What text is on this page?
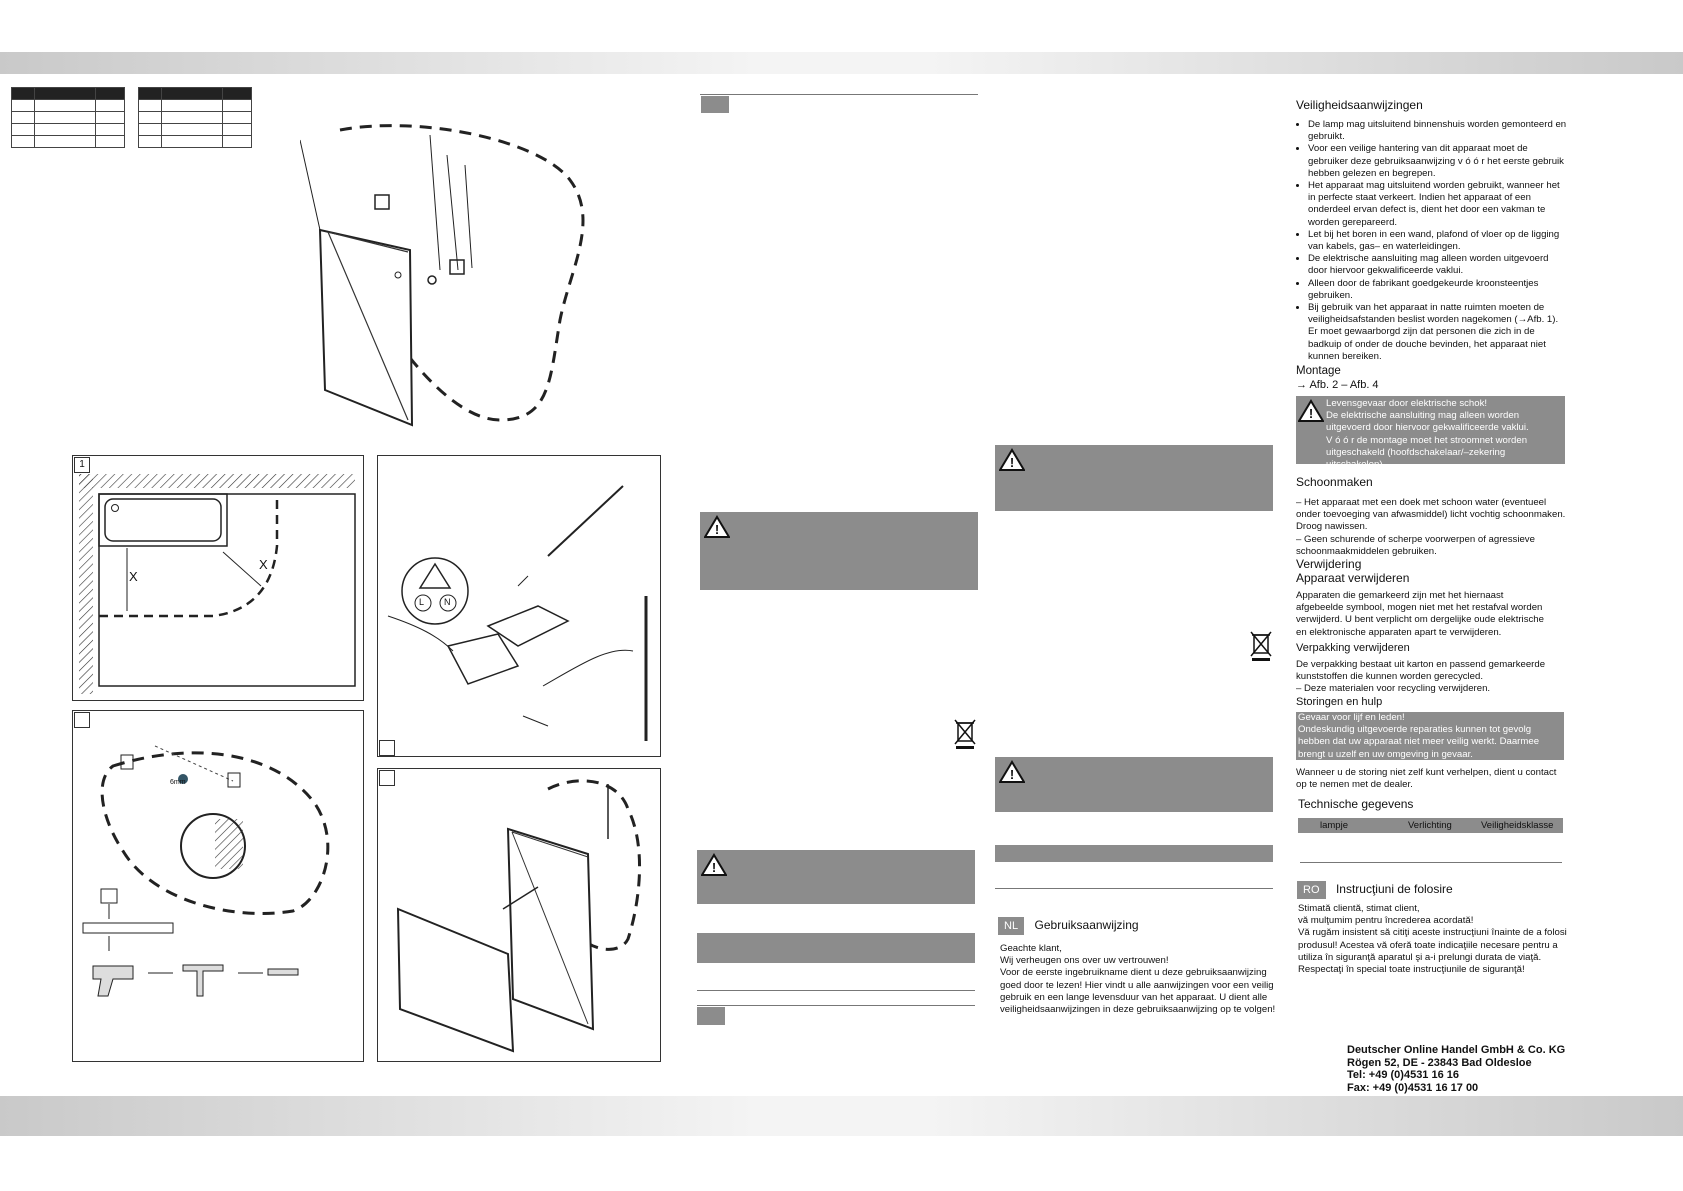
1
X
X
6mm
L N
!
!
!
!
NL Gebruiksaanwijzing
Geachte klant,
Wij verheugen ons over uw vertrouwen!
Voor de eerste ingebruikname dient u deze gebruiksaanwijzing goed door te lezen! Hier vindt u alle aanwijzingen voor een veilig gebruik en een lange levensduur van het apparaat. U dient alle veiligheidsaanwijzingen in deze gebruiksaanwijzing op te volgen!
Veiligheidsaanwijzingen
• De lamp mag uitsluitend binnenshuis worden gemonteerd en gebruikt.
• Voor een veilige hantering van dit apparaat moet de gebruiker deze gebruiksaanwijzing v ó ó r het eerste gebruik hebben gelezen en begrepen.
• Het apparaat mag uitsluitend worden gebruikt, wanneer het in perfecte staat verkeert. Indien het apparaat of een onderdeel ervan defect is, dient het door een vakman te worden gerepareerd.
• Let bij het boren in een wand, plafond of vloer op de ligging van kabels, gas– en waterleidingen.
• De elektrische aansluiting mag alleen worden uitgevoerd door hiervoor gekwalificeerde vaklui.
• Alleen door de fabrikant goedgekeurde kroonsteentjes gebruiken.
• Bij gebruik van het apparaat in natte ruimten moeten de veiligheidsafstanden beslist worden nagekomen (→Afb. 1). Er moet gewaarborgd zijn dat personen die zich in de badkuip of onder de douche bevinden, het apparaat niet kunnen bereiken.
Montage
→ Afb. 2 – Afb. 4
!
Levensgevaar door elektrische schok!
De elektrische aansluiting mag alleen worden uitgevoerd door hiervoor gekwalificeerde vaklui.
V ó ó r de montage moet het stroomnet worden uitgeschakeld (hoofdschakelaar/–zekering uitschakelen).
Schoonmaken
– Het apparaat met een doek met schoon water (eventueel onder toevoeging van afwasmiddel) licht vochtig schoonmaken. Droog nawissen.
– Geen schurende of scherpe voorwerpen of agressieve schoonmaakmiddelen gebruiken.
Verwijdering
Apparaat verwijderen
Apparaten die gemarkeerd zijn met het hiernaast afgebeelde symbool, mogen niet met het restafval worden verwijderd. U bent verplicht om dergelijke oude elektrische en elektronische apparaten apart te verwijderen.
Verpakking verwijderen
De verpakking bestaat uit karton en passend gemarkeerde kunststoffen die kunnen worden gerecycled.
– Deze materialen voor recycling verwijderen.
Storingen en hulp
Gevaar voor lijf en leden!
Ondeskundig uitgevoerde reparaties kunnen tot gevolg hebben dat uw apparaat niet meer veilig werkt. Daarmee brengt u uzelf en uw omgeving in gevaar.
Wanneer u de storing niet zelf kunt verhelpen, dient u contact op te nemen met de dealer.
Technische gegevens
lampje	Verlichting	Veiligheidsklasse
RO Instrucţiuni de folosire
Stimată clientă, stimat client,
vă mulţumim pentru încrederea acordată!
Vă rugăm insistent să citiţi aceste instrucţiuni înainte de a folosi produsul! Acestea vă oferă toate indicaţiile necesare pentru a utiliza în siguranţă aparatul şi a-i prelungi durata de viaţă.
Respectaţi în special toate instrucţiunile de siguranţă!
Deutscher Online Handel GmbH & Co. KG
Rögen 52, DE - 23843 Bad Oldesloe
Tel: +49 (0)4531 16 16
Fax: +49 (0)4531 16 17 00
